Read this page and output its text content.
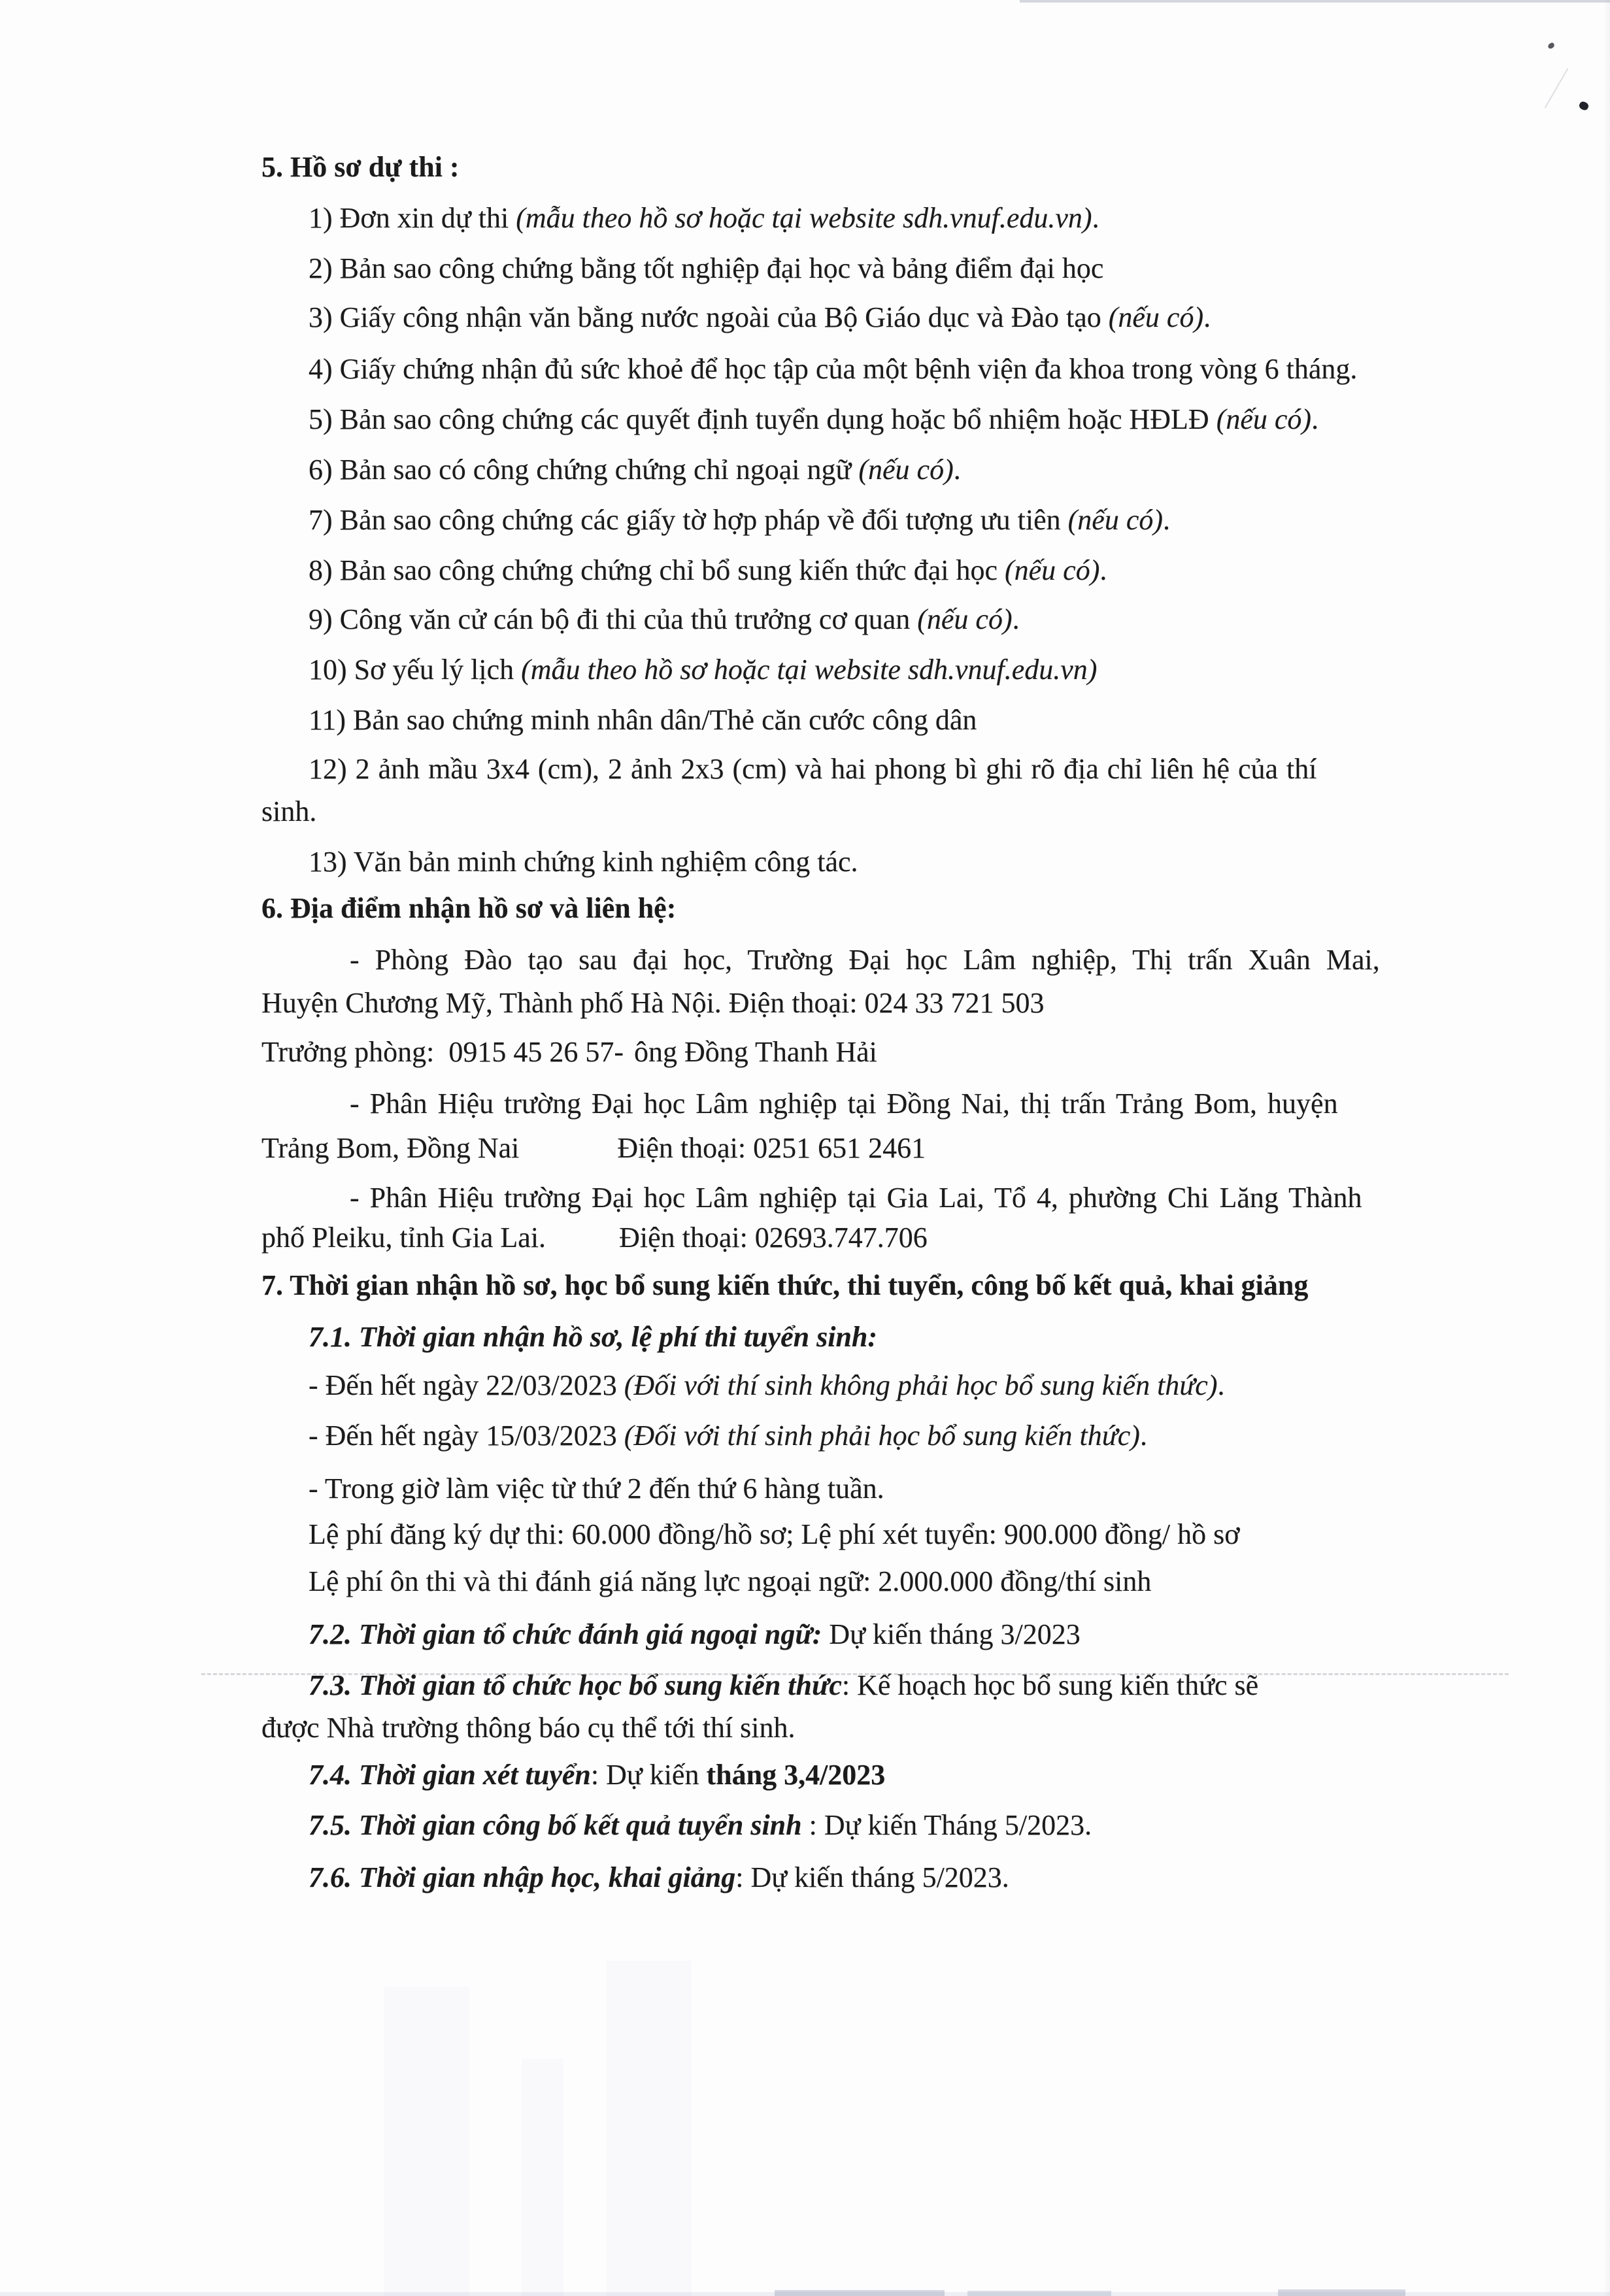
5. Hồ sơ dự thi :
1) Đơn xin dự thi (mẫu theo hồ sơ hoặc tại website sdh.vnuf.edu.vn).
2) Bản sao công chứng bằng tốt nghiệp đại học và bảng điểm đại học
3) Giấy công nhận văn bằng nước ngoài của Bộ Giáo dục và Đào tạo (nếu có).
4) Giấy chứng nhận đủ sức khoẻ để học tập của một bệnh viện đa khoa trong vòng 6 tháng.
5) Bản sao công chứng các quyết định tuyển dụng hoặc bổ nhiệm hoặc HĐLĐ (nếu có).
6) Bản sao có công chứng chứng chỉ ngoại ngữ (nếu có).
7) Bản sao công chứng các giấy tờ hợp pháp về đối tượng ưu tiên (nếu có).
8) Bản sao công chứng chứng chỉ bổ sung kiến thức đại học (nếu có).
9) Công văn cử cán bộ đi thi của thủ trưởng cơ quan (nếu có).
10) Sơ yếu lý lịch (mẫu theo hồ sơ hoặc tại website sdh.vnuf.edu.vn)
11) Bản sao chứng minh nhân dân/Thẻ căn cước công dân
12) 2 ảnh mầu 3x4 (cm), 2 ảnh 2x3 (cm) và hai phong bì ghi rõ địa chỉ liên hệ của thí
sinh.
13) Văn bản minh chứng kinh nghiệm công tác.
6. Địa điểm nhận hồ sơ và liên hệ:
- Phòng Đào tạo sau đại học, Trường Đại học Lâm nghiệp, Thị trấn Xuân Mai,
Huyện Chương Mỹ, Thành phố Hà Nội. Điện thoại: 024 33 721 503
Trưởng phòng: 0915 45 26 57- ông Đồng Thanh Hải
- Phân Hiệu trường Đại học Lâm nghiệp tại Đồng Nai, thị trấn Trảng Bom, huyện
Trảng Bom, Đồng Nai	Điện thoại: 0251 651 2461
- Phân Hiệu trường Đại học Lâm nghiệp tại Gia Lai, Tổ 4, phường Chi Lăng Thành
phố Pleiku, tỉnh Gia Lai.	Điện thoại: 02693.747.706
7. Thời gian nhận hồ sơ, học bổ sung kiến thức, thi tuyển, công bố kết quả, khai giảng
7.1. Thời gian nhận hồ sơ, lệ phí thi tuyển sinh:
- Đến hết ngày 22/03/2023 (Đối với thí sinh không phải học bổ sung kiến thức).
- Đến hết ngày 15/03/2023 (Đối với thí sinh phải học bổ sung kiến thức).
- Trong giờ làm việc từ thứ 2 đến thứ 6 hàng tuần.
Lệ phí đăng ký dự thi: 60.000 đồng/hồ sơ; Lệ phí xét tuyển: 900.000 đồng/ hồ sơ
Lệ phí ôn thi và thi đánh giá năng lực ngoại ngữ: 2.000.000 đồng/thí sinh
7.2. Thời gian tổ chức đánh giá ngoại ngữ: Dự kiến tháng 3/2023
7.3. Thời gian tổ chức học bổ sung kiến thức: Kế hoạch học bổ sung kiến thức sẽ
được Nhà trường thông báo cụ thể tới thí sinh.
7.4. Thời gian xét tuyển: Dự kiến tháng 3,4/2023
7.5. Thời gian công bố kết quả tuyển sinh : Dự kiến Tháng 5/2023.
7.6. Thời gian nhập học, khai giảng: Dự kiến tháng 5/2023.
